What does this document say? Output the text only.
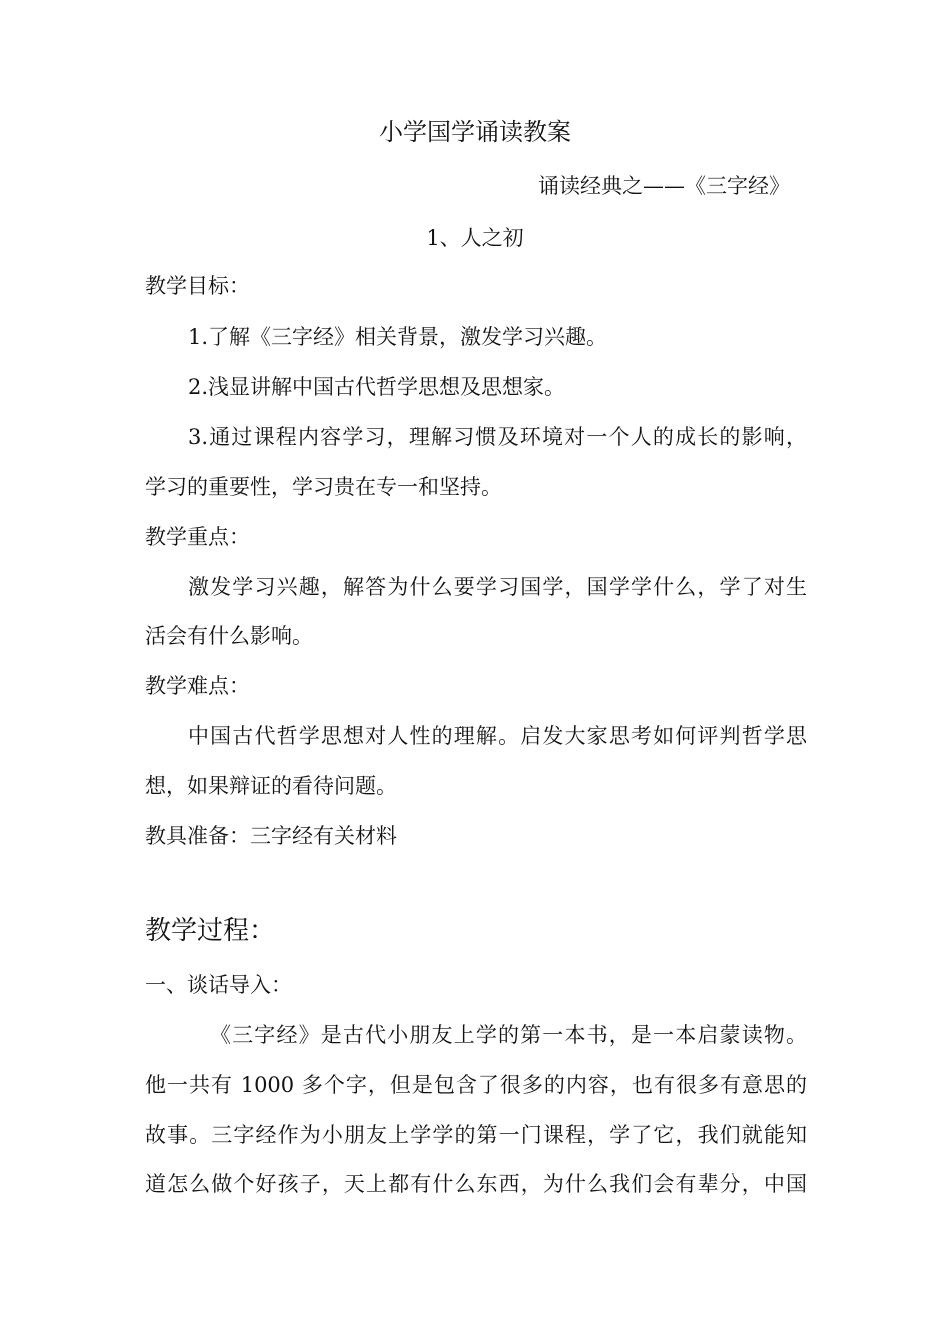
小学国学诵读教案
诵读经典之——《三字经》
1、人之初
教学目标：
1.了解《三字经》相关背景，激发学习兴趣。
2.浅显讲解中国古代哲学思想及思想家。
3.通过课程内容学习，理解习惯及环境对一个人的成长的影响，
学习的重要性，学习贵在专一和坚持。
教学重点：
激发学习兴趣，解答为什么要学习国学，国学学什么，学了对生
活会有什么影响。
教学难点：
中国古代哲学思想对人性的理解。启发大家思考如何评判哲学思
想，如果辩证的看待问题。
教具准备：三字经有关材料
教学过程：
一、谈话导入：
《三字经》是古代小朋友上学的第一本书，是一本启蒙读物。
他一共有 1000 多个字，但是包含了很多的内容，也有很多有意思的
故事。三字经作为小朋友上学学的第一门课程，学了它，我们就能知
道怎么做个好孩子，天上都有什么东西，为什么我们会有辈分，中国
